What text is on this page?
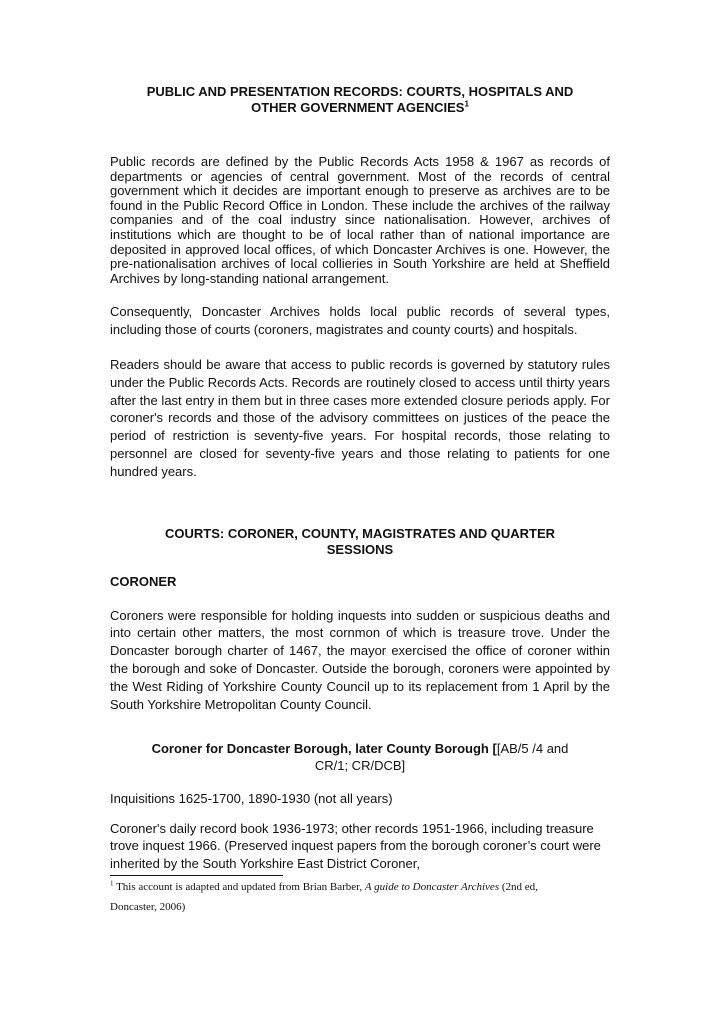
PUBLIC AND PRESENTATION RECORDS: COURTS, HOSPITALS AND
OTHER GOVERNMENT AGENCIES$^1$

Public records are defined by the Public Records Acts 1958 & 1967 as records of departments or agencies of central government. Most of the records of central government which it decides are important enough to preserve as archives are to be found in the Public Record Office in London. These include the archives of the railway companies and of the coal industry since nationalisation. However, archives of institutions which are thought to be of local rather than of national importance are deposited in approved local offices, of which Doncaster Archives is one. However, the pre-nationalisation archives of local collieries in South Yorkshire are held at Sheffield Archives by long-standing national arrangement.

Consequently, Doncaster Archives holds local public records of several types, including those of courts (coroners, magistrates and county courts) and hospitals.

Readers should be aware that access to public records is governed by statutory rules under the Public Records Acts. Records are routinely closed to access until thirty years after the last entry in them but in three cases more extended closure periods apply. For coroner's records and those of the advisory committees on justices of the peace the period of restriction is seventy-five years. For hospital records, those relating to personnel are closed for seventy-five years and those relating to patients for one hundred years.

COURTS: CORONER, COUNTY, MAGISTRATES AND QUARTER
SESSIONS
CORONER

Coroners were responsible for holding inquests into sudden or suspicious deaths and into certain other matters, the most cornmon of which is treasure trove. Under the Doncaster borough charter of 1467, the mayor exercised the office of coroner within the borough and soke of Doncaster. Outside the borough, coroners were appointed by the West Riding of Yorkshire County Council up to its replacement from 1 April by the South Yorkshire Metropolitan County Council.

Coroner for Doncaster Borough, later County Borough [[AB/5 /4 and
CR/1; CR/DCB]

Inquisitions 1625-1700, 1890-1930 (not all years)

Coroner's daily record book 1936-1973; other records 1951-1966, including treasure trove inquest 1966. (Preserved inquest papers from the borough coroner’s court were inherited by the South Yorkshire East District Coroner,

$^1$ This account is adapted and updated from Brian Barber, A guide to Doncaster Archives (2nd ed,
Doncaster, 2006)
